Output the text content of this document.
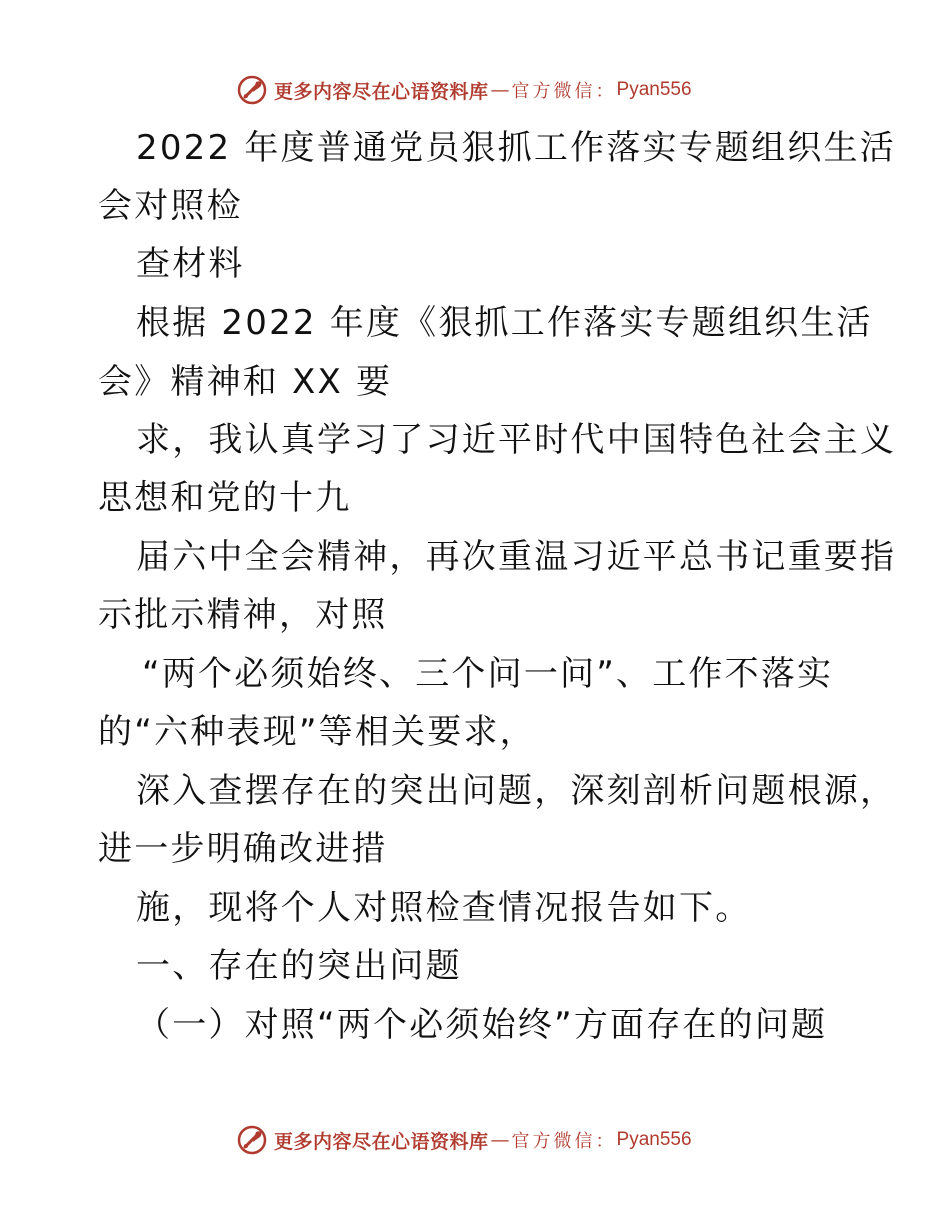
更多内容尽在心语资料库 — 官方微信： Pyan556
2022 年度普通党员狠抓工作落实专题组织生活
会对照检
查材料
根据 2022 年度《狠抓工作落实专题组织生活
会》精神和 XX 要
求，我认真学习了习近平时代中国特色社会主义
思想和党的十九
届六中全会精神，再次重温习近平总书记重要指
示批示精神，对照
“两个必须始终、三个问一问”、工作不落实
的“六种表现”等相关要求，
深入查摆存在的突出问题，深刻剖析问题根源，
进一步明确改进措
施，现将个人对照检查情况报告如下。
一、存在的突出问题
（一）对照“两个必须始终”方面存在的问题
更多内容尽在心语资料库 — 官方微信： Pyan556
